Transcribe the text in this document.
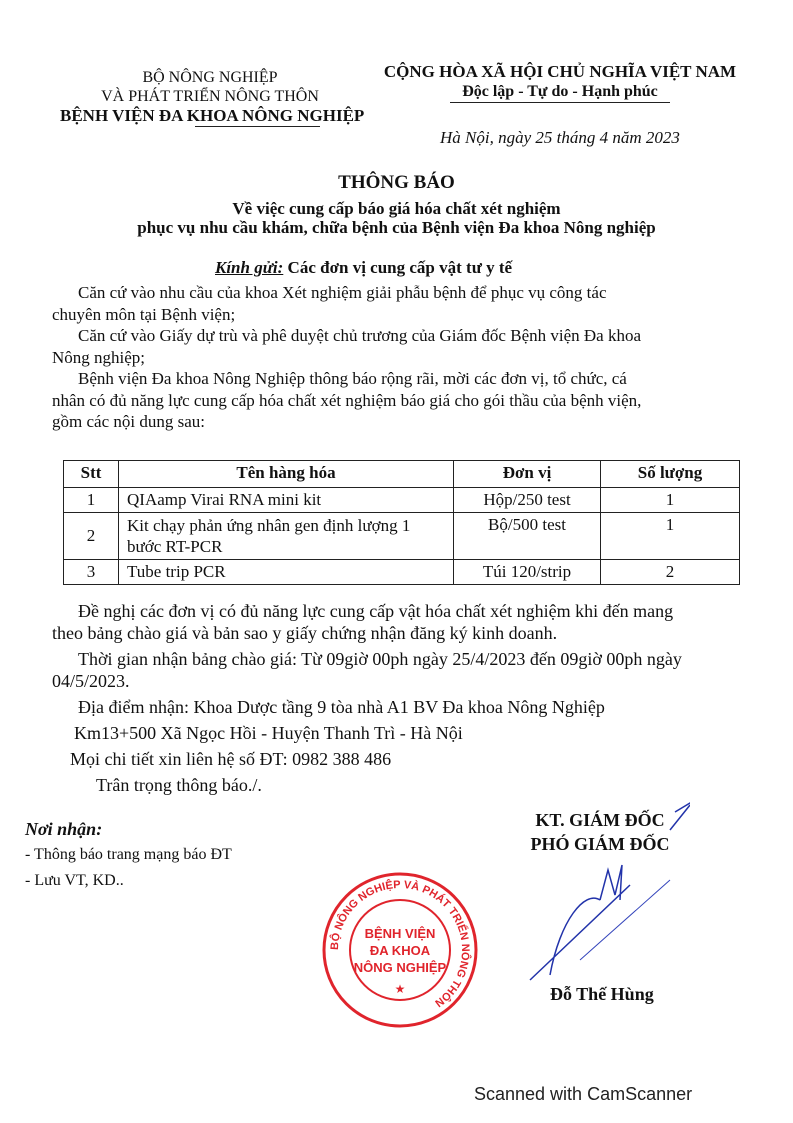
BỘ NÔNG NGHIỆP
VÀ PHÁT TRIỂN NÔNG THÔN
BỆNH VIỆN ĐA KHOA NÔNG NGHIỆP
CỘNG HÒA XÃ HỘI CHỦ NGHĨA VIỆT NAM
Độc lập - Tự do - Hạnh phúc
Hà Nội, ngày 25 tháng 4 năm 2023
THÔNG BÁO
Về việc cung cấp báo giá hóa chất xét nghiệm
phục vụ nhu cầu khám, chữa bệnh của Bệnh viện Đa khoa Nông nghiệp
Kính gửi: Các đơn vị cung cấp vật tư y tế

Căn cứ vào nhu cầu của khoa Xét nghiệm giải phẫu bệnh để phục vụ công tác

chuyên môn tại Bệnh viện;

Căn cứ vào Giấy dự trù và phê duyệt chủ trương của Giám đốc Bệnh viện Đa khoa

Nông nghiệp;

Bệnh viện Đa khoa Nông Nghiệp thông báo rộng rãi, mời các đơn vị, tổ chức, cá

nhân có đủ năng lực cung cấp hóa chất xét nghiệm báo giá cho gói thầu của bệnh viện,

gồm các nội dung sau:

Stt	Tên hàng hóa	Đơn vị	Số lượng
1	QIAamp Virai RNA mini kit	Hộp/250 test	1
2	Kit chạy phản ứng nhân gen định lượng 1 bước RT-PCR	Bộ/500 test	1
3	Tube trip PCR	Túi 120/strip	2

Đề nghị các đơn vị có đủ năng lực cung cấp vật hóa chất xét nghiệm khi đến mang

theo bảng chào giá và bản sao y giấy chứng nhận đăng ký kinh doanh.

Thời gian nhận bảng chào giá: Từ 09giờ 00ph ngày 25/4/2023 đến 09giờ 00ph ngày

04/5/2023.

Địa điểm nhận: Khoa Dược tầng 9 tòa nhà A1 BV Đa khoa Nông Nghiệp

Km13+500 Xã Ngọc Hồi - Huyện Thanh Trì - Hà Nội

Mọi chi tiết xin liên hệ số ĐT: 0982 388 486

Trân trọng thông báo./.

Nơi nhận:
- Thông báo trang mạng báo ĐT
- Lưu VT, KD..
BỘ NÔNG NGHIỆP VÀ PHÁT TRIỂN NÔNG THÔN
BỆNH VIỆN
ĐA KHOA
NÔNG NGHIỆP
★
KT. GIÁM ĐỐC
PHÓ GIÁM ĐỐC
Đỗ Thế Hùng
Scanned with CamScanner
